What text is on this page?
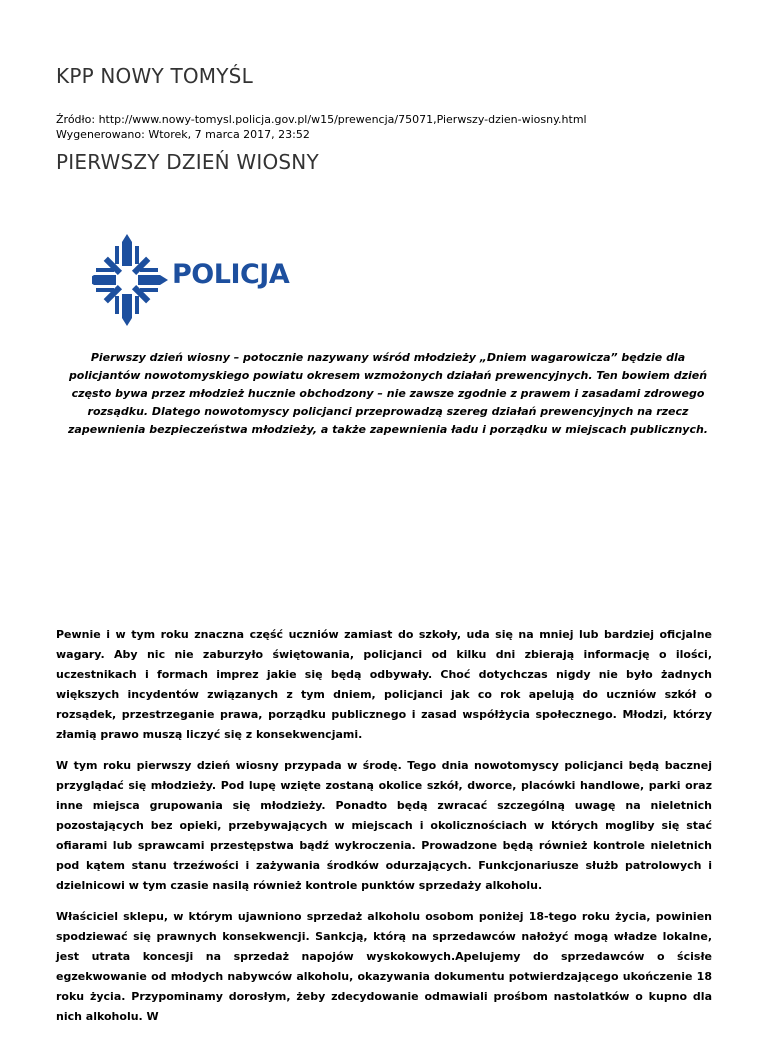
KPP NOWY TOMYŚL
Źródło: http://www.nowy-tomysl.policja.gov.pl/w15/prewencja/75071,Pierwszy-dzien-wiosny.html
Wygenerowano: Wtorek, 7 marca 2017, 23:52
PIERWSZY DZIEŃ WIOSNY
POLICJA
Pierwszy dzień wiosny – potocznie nazywany wśród młodzieży „Dniem wagarowicza” będzie dla policjantów nowotomyskiego powiatu okresem wzmożonych działań prewencyjnych. Ten bowiem dzień często bywa przez młodzież hucznie obchodzony – nie zawsze zgodnie z prawem i zasadami zdrowego rozsądku. Dlatego nowotomyscy policjanci przeprowadzą szereg działań prewencyjnych na rzecz zapewnienia bezpieczeństwa młodzieży, a także zapewnienia ładu i porządku w miejscach publicznych.

Pewnie i w tym roku znaczna część uczniów zamiast do szkoły, uda się na mniej lub bardziej oficjalne wagary. Aby nic nie zaburzyło świętowania, policjanci od kilku dni zbierają informację o ilości, uczestnikach i formach imprez jakie się będą odbywały. Choć dotychczas nigdy nie było żadnych większych incydentów związanych z tym dniem, policjanci jak co rok apelują do uczniów szkół o rozsądek, przestrzeganie prawa, porządku publicznego i zasad współżycia społecznego. Młodzi, którzy złamią prawo muszą liczyć się z konsekwencjami.

W tym roku pierwszy dzień wiosny przypada w środę. Tego dnia nowotomyscy policjanci będą bacznej przyglądać się młodzieży. Pod lupę wzięte zostaną okolice szkół, dworce, placówki handlowe, parki oraz inne miejsca grupowania się młodzieży. Ponadto będą zwracać szczególną uwagę na nieletnich pozostających bez opieki, przebywających w miejscach i okolicznościach w których mogliby się stać ofiarami lub sprawcami przestępstwa bądź wykroczenia. Prowadzone będą również kontrole nieletnich pod kątem stanu trzeźwości i zażywania środków odurzających. Funkcjonariusze służb patrolowych i dzielnicowi w tym czasie nasilą również kontrole punktów sprzedaży alkoholu.

Właściciel sklepu, w którym ujawniono sprzedaż alkoholu osobom poniżej 18-tego roku życia, powinien spodziewać się prawnych konsekwencji. Sankcją, którą na sprzedawców nałożyć mogą władze lokalne, jest utrata koncesji na sprzedaż napojów wyskokowych.Apelujemy do sprzedawców o ścisłe egzekwowanie od młodych nabywców alkoholu, okazywania dokumentu potwierdzającego ukończenie 18 roku życia. Przypominamy dorosłym, żeby zdecydowanie odmawiali prośbom nastolatków o kupno dla nich alkoholu. W
